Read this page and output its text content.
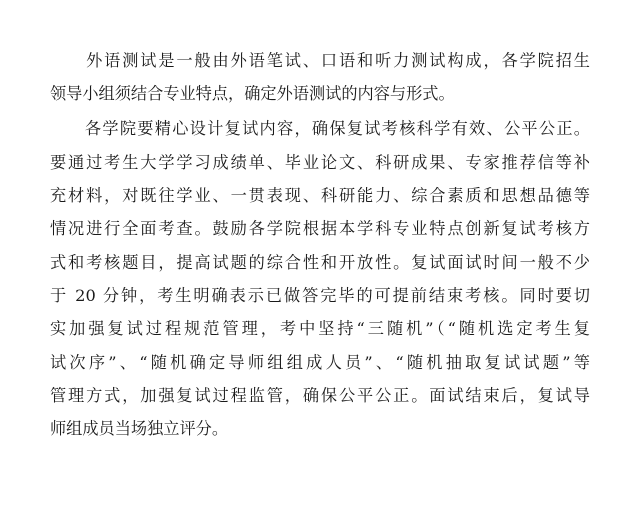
　　外语测试是一般由外语笔试、口语和听力测试构成，各学院招生
领导小组须结合专业特点，确定外语测试的内容与形式。
　　各学院要精心设计复试内容，确保复试考核科学有效、公平公正。
要通过考生大学学习成绩单、毕业论文、科研成果、专家推荐信等补
充材料，对既往学业、一贯表现、科研能力、综合素质和思想品德等
情况进行全面考查。鼓励各学院根据本学科专业特点创新复试考核方
式和考核题目，提高试题的综合性和开放性。复试面试时间一般不少
于 20 分钟，考生明确表示已做答完毕的可提前结束考核。同时要切
实加强复试过程规范管理，考中坚持“三随机”（“随机选定考生复
试次序”、“随机确定导师组组成人员”、“随机抽取复试试题”等
管理方式，加强复试过程监管，确保公平公正。面试结束后，复试导
师组成员当场独立评分。
